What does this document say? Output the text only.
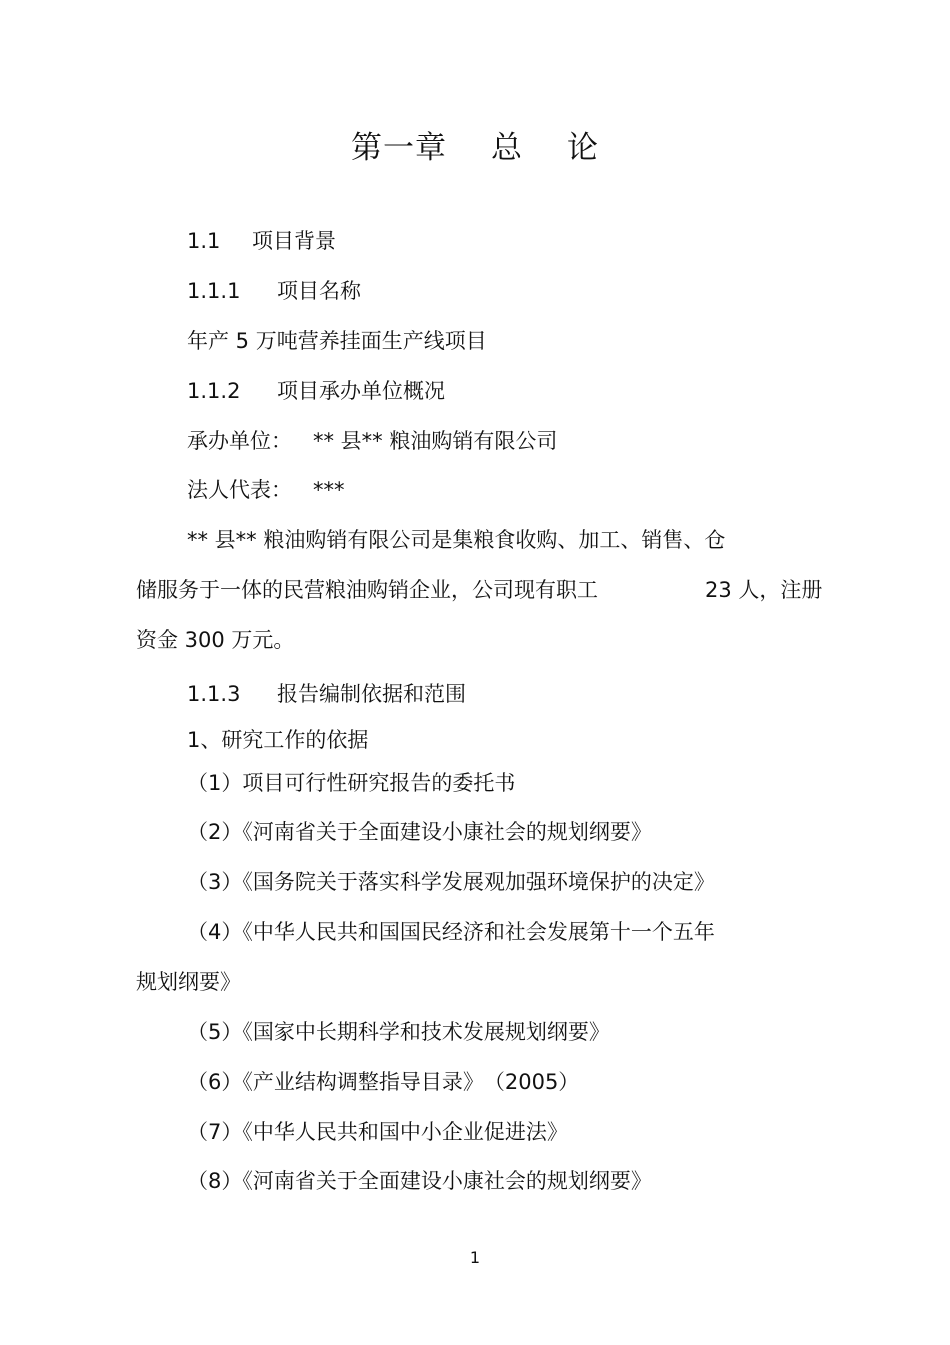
第一章 总 论
1.1 项目背景
1.1.1 项目名称
年产 5 万吨营养挂面生产线项目
1.1.2 项目承办单位概况
承办单位： ** 县** 粮油购销有限公司
法人代表： ***
** 县** 粮油购销有限公司是集粮食收购、加工、销售、仓
储服务于一体的民营粮油购销企业，公司现有职工	23 人，注册
资金 300 万元。
1.1.3 报告编制依据和范围
1、研究工作的依据
（1）项目可行性研究报告的委托书
（2）《河南省关于全面建设小康社会的规划纲要》
（3）《国务院关于落实科学发展观加强环境保护的决定》
（4）《中华人民共和国国民经济和社会发展第十一个五年
规划纲要》
（5）《国家中长期科学和技术发展规划纲要》
（6）《产业结构调整指导目录》　（2005）
（7）《中华人民共和国中小企业促进法》
（8）《河南省关于全面建设小康社会的规划纲要》
1
